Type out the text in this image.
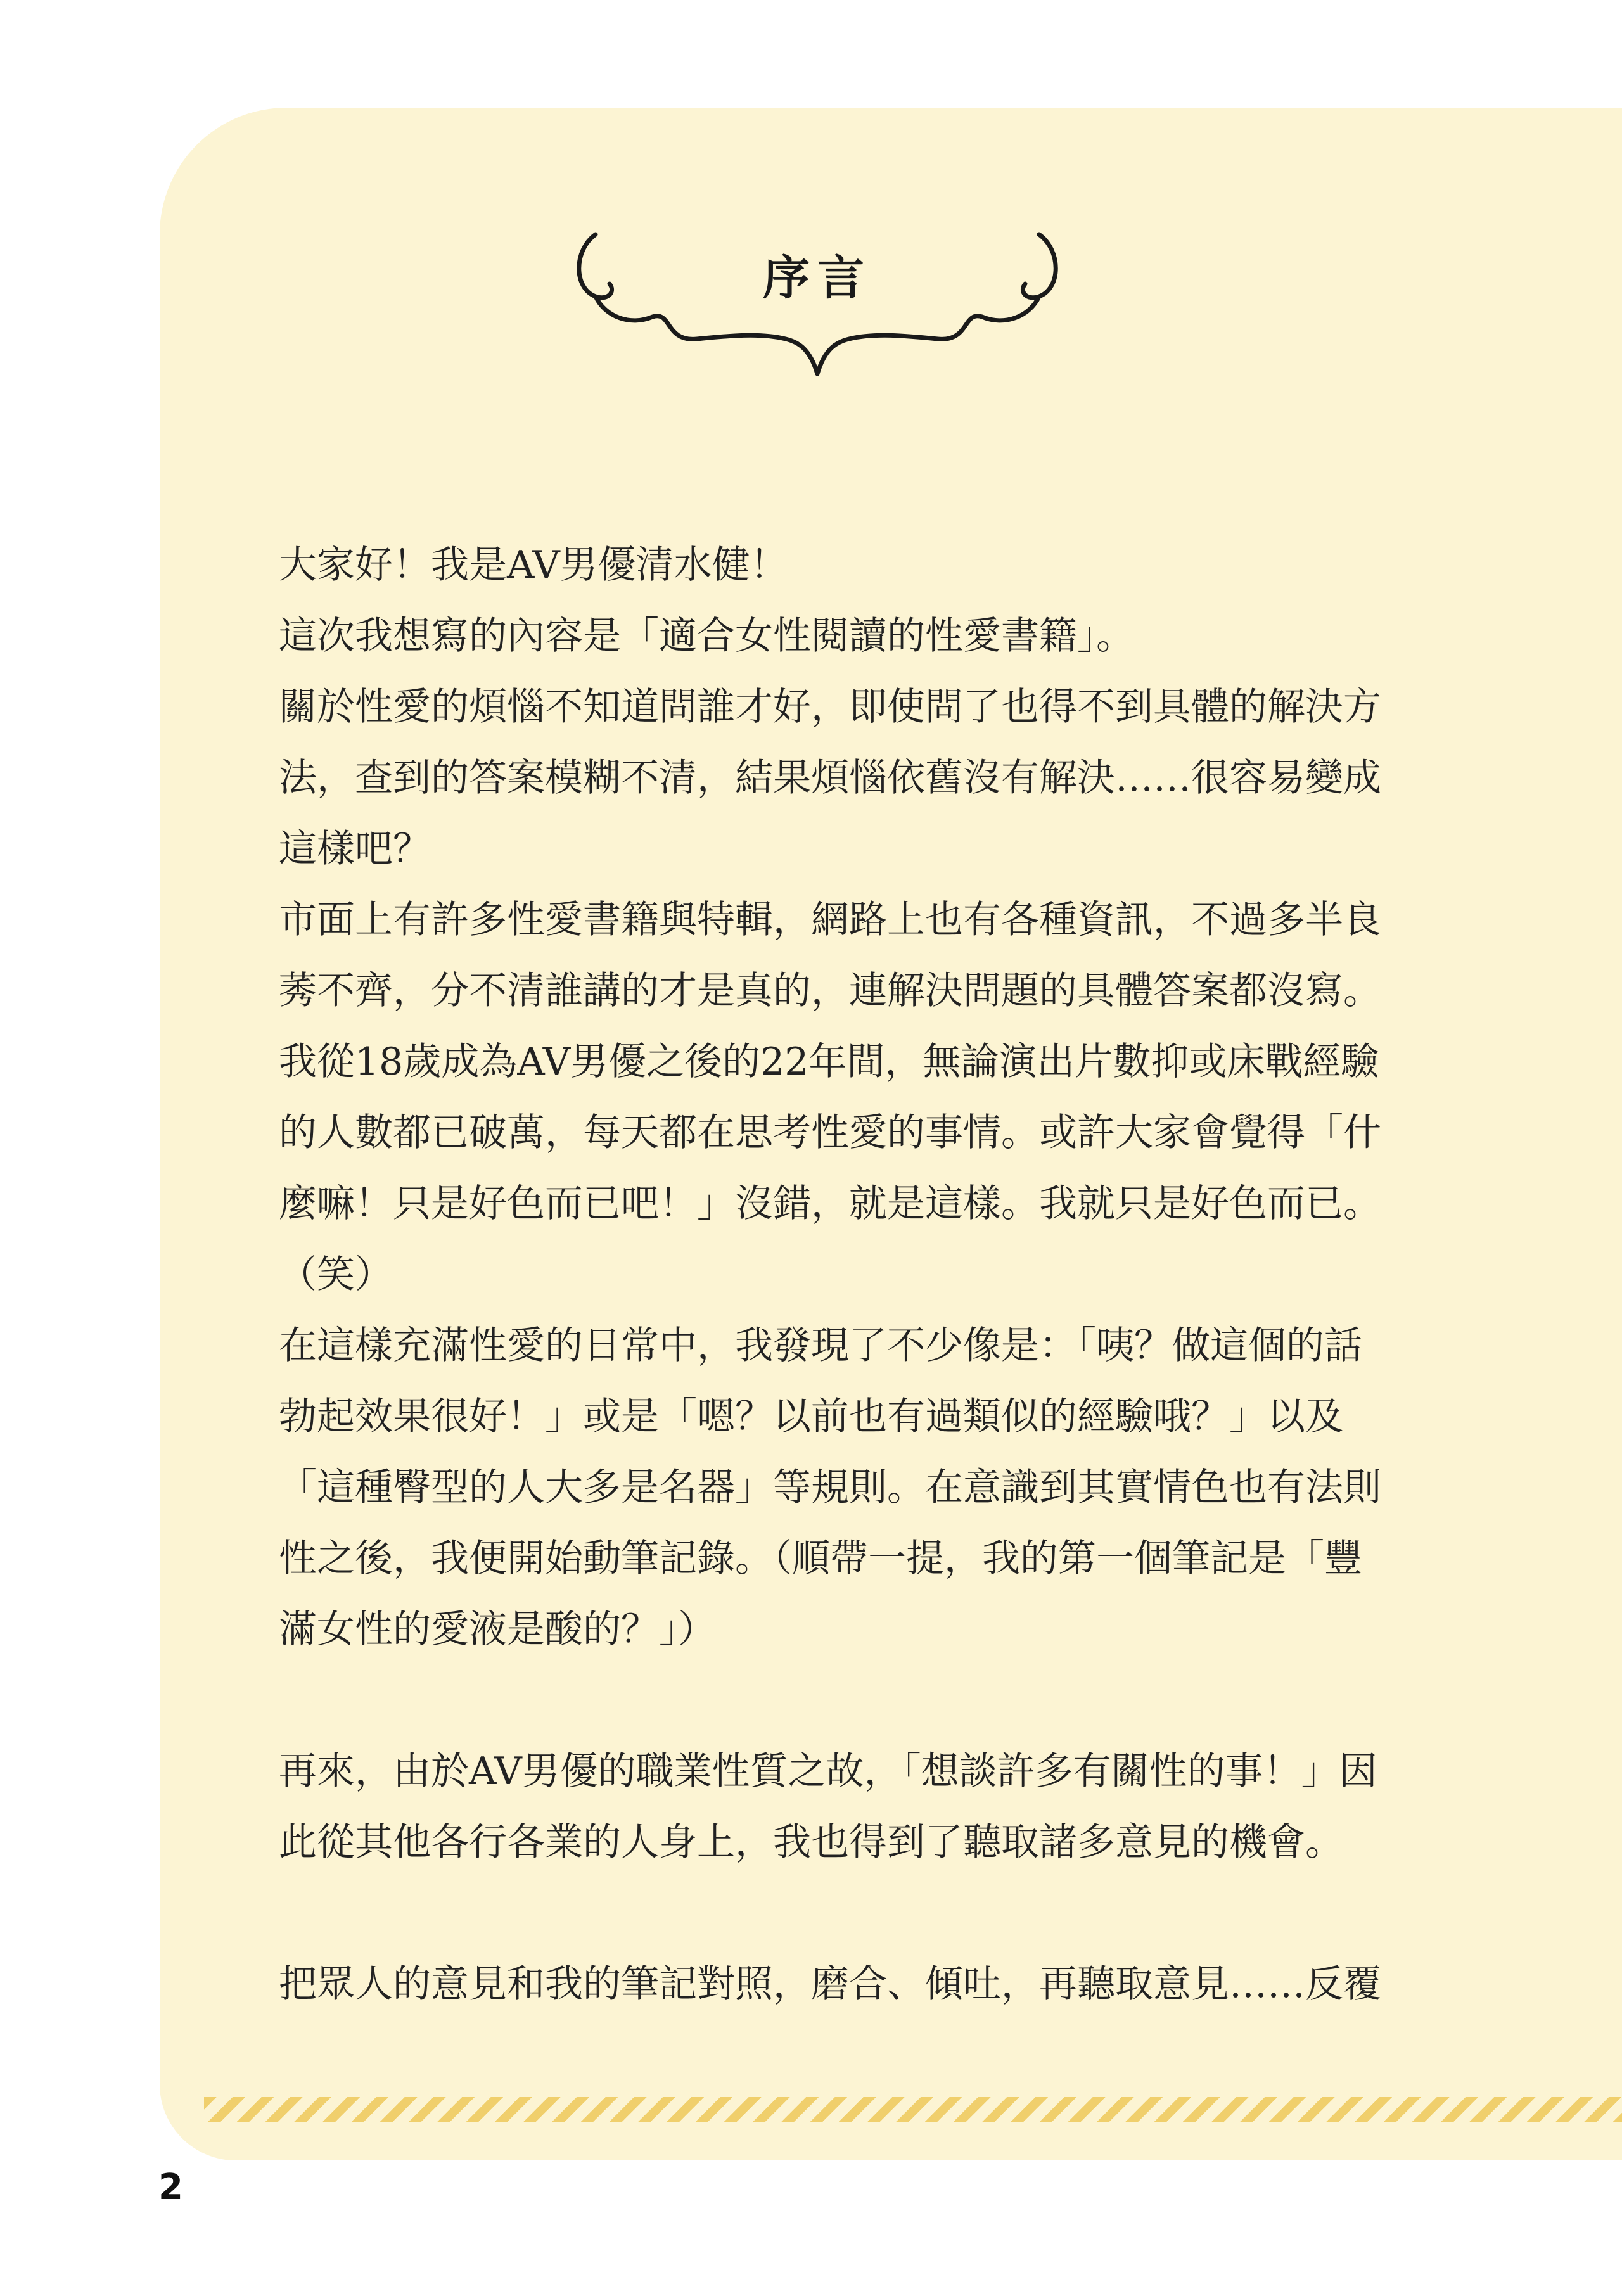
序言

大家好！我是AV男優清水健！

這次我想寫的內容是「適合女性閱讀的性愛書籍」。

關於性愛的煩惱不知道問誰才好，即使問了也得不到具體的解決方

法，查到的答案模糊不清，結果煩惱依舊沒有解決……很容易變成

這樣吧？

市面上有許多性愛書籍與特輯，網路上也有各種資訊，不過多半良

莠不齊，分不清誰講的才是真的，連解決問題的具體答案都沒寫。

我從18歲成為AV男優之後的22年間，無論演出片數抑或床戰經驗

的人數都已破萬，每天都在思考性愛的事情。或許大家會覺得「什

麼嘛！只是好色而已吧！」沒錯，就是這樣。我就只是好色而已。

（笑）

在這樣充滿性愛的日常中，我發現了不少像是：「咦？做這個的話

勃起效果很好！」或是「嗯？以前也有過類似的經驗哦？」以及

「這種臀型的人大多是名器」等規則。在意識到其實情色也有法則

性之後，我便開始動筆記錄。（順帶一提，我的第一個筆記是「豐

滿女性的愛液是酸的？」）

再來，由於AV男優的職業性質之故，「想談許多有關性的事！」因

此從其他各行各業的人身上，我也得到了聽取諸多意見的機會。

把眾人的意見和我的筆記對照，磨合、傾吐，再聽取意見……反覆

2
